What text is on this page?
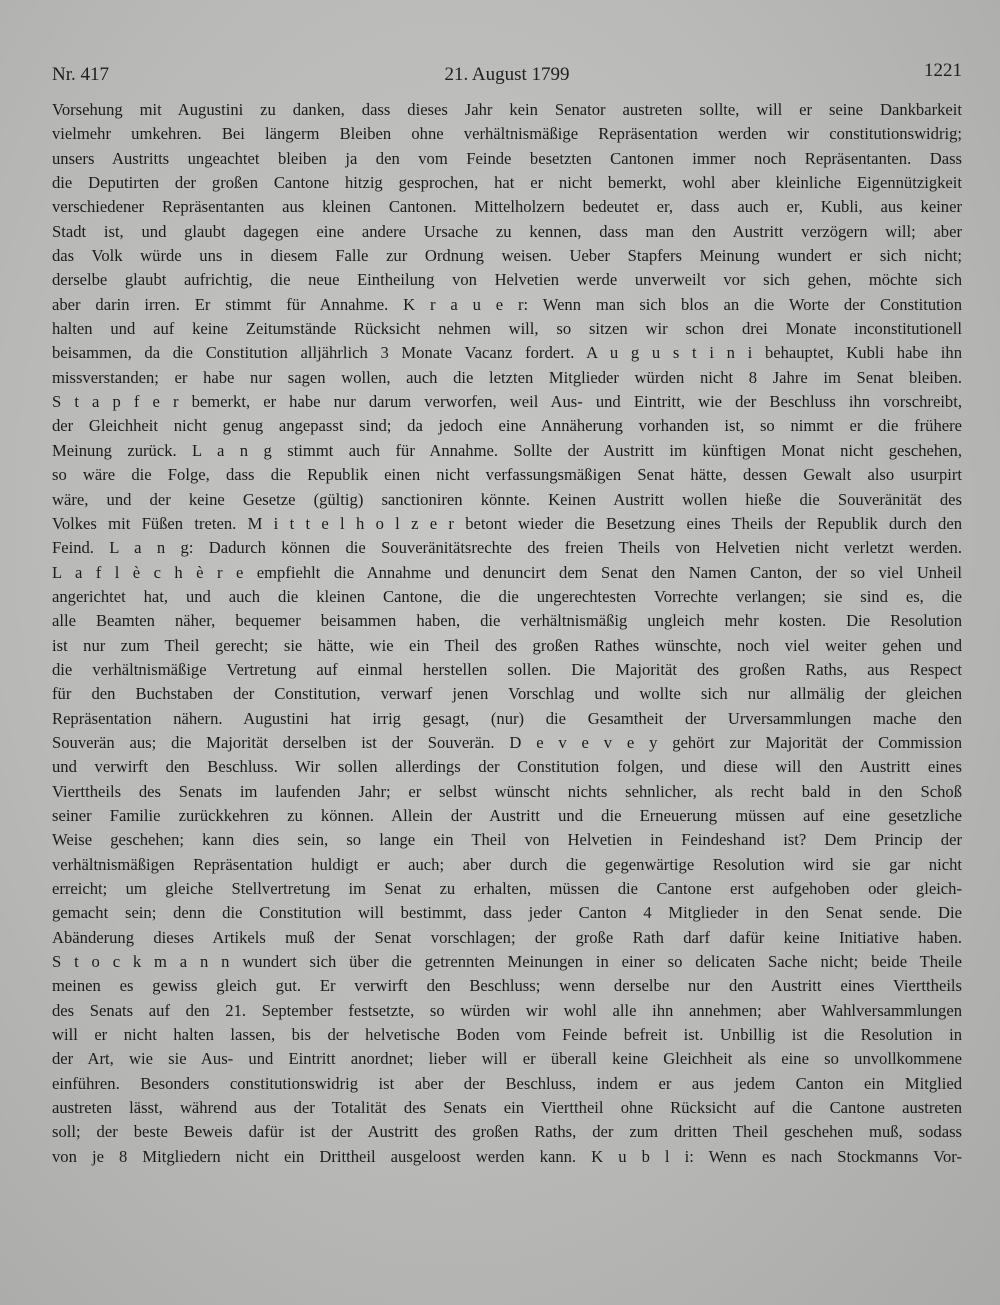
Nr. 417	21. August 1799	1221
Vorsehung mit Augustini zu danken, dass dieses Jahr kein Senator austreten sollte, will er seine Dankbarkeit
vielmehr umkehren. Bei längerm Bleiben ohne verhältnismäßige Repräsentation werden wir constitutionswidrig;
unsers Austritts ungeachtet bleiben ja den vom Feinde besetzten Cantonen immer noch Repräsentanten. Dass
die Deputirten der großen Cantone hitzig gesprochen, hat er nicht bemerkt, wohl aber kleinliche Eigennützigkeit
verschiedener Repräsentanten aus kleinen Cantonen. Mittelholzern bedeutet er, dass auch er, Kubli, aus keiner
Stadt ist, und glaubt dagegen eine andere Ursache zu kennen, dass man den Austritt verzögern will; aber
das Volk würde uns in diesem Falle zur Ordnung weisen. Ueber Stapfers Meinung wundert er sich nicht;
derselbe glaubt aufrichtig, die neue Eintheilung von Helvetien werde unverweilt vor sich gehen, möchte sich
aber darin irren. Er stimmt für Annahme. K r a u e r: Wenn man sich blos an die Worte der Constitution
halten und auf keine Zeitumstände Rücksicht nehmen will, so sitzen wir schon drei Monate inconstitutionell
beisammen, da die Constitution alljährlich 3 Monate Vacanz fordert. A u g u s t i n i behauptet, Kubli habe ihn
missverstanden; er habe nur sagen wollen, auch die letzten Mitglieder würden nicht 8 Jahre im Senat bleiben.
S t a p f e r bemerkt, er habe nur darum verworfen, weil Aus- und Eintritt, wie der Beschluss ihn vorschreibt,
der Gleichheit nicht genug angepasst sind; da jedoch eine Annäherung vorhanden ist, so nimmt er die frühere
Meinung zurück. L a n g stimmt auch für Annahme. Sollte der Austritt im künftigen Monat nicht geschehen,
so wäre die Folge, dass die Republik einen nicht verfassungsmäßigen Senat hätte, dessen Gewalt also usurpirt
wäre, und der keine Gesetze (gültig) sanctioniren könnte. Keinen Austritt wollen hieße die Souveränität des
Volkes mit Füßen treten. M i t t e l h o l z e r betont wieder die Besetzung eines Theils der Republik durch den
Feind. L a n g: Dadurch können die Souveränitätsrechte des freien Theils von Helvetien nicht verletzt werden.
L a f l è c h è r e empfiehlt die Annahme und denuncirt dem Senat den Namen Canton, der so viel Unheil
angerichtet hat, und auch die kleinen Cantone, die die ungerechtesten Vorrechte verlangen; sie sind es, die
alle Beamten näher, bequemer beisammen haben, die verhältnismäßig ungleich mehr kosten. Die Resolution
ist nur zum Theil gerecht; sie hätte, wie ein Theil des großen Rathes wünschte, noch viel weiter gehen und
die verhältnismäßige Vertretung auf einmal herstellen sollen. Die Majorität des großen Raths, aus Respect
für den Buchstaben der Constitution, verwarf jenen Vorschlag und wollte sich nur allmälig der gleichen
Repräsentation nähern. Augustini hat irrig gesagt, (nur) die Gesamtheit der Urversammlungen mache den
Souverän aus; die Majorität derselben ist der Souverän. D e v e v e y gehört zur Majorität der Commission
und verwirft den Beschluss. Wir sollen allerdings der Constitution folgen, und diese will den Austritt eines
Vierttheils des Senats im laufenden Jahr; er selbst wünscht nichts sehnlicher, als recht bald in den Schoß
seiner Familie zurückkehren zu können. Allein der Austritt und die Erneuerung müssen auf eine gesetzliche
Weise geschehen; kann dies sein, so lange ein Theil von Helvetien in Feindeshand ist? Dem Princip der
verhältnismäßigen Repräsentation huldigt er auch; aber durch die gegenwärtige Resolution wird sie gar nicht
erreicht; um gleiche Stellvertretung im Senat zu erhalten, müssen die Cantone erst aufgehoben oder gleich-
gemacht sein; denn die Constitution will bestimmt, dass jeder Canton 4 Mitglieder in den Senat sende. Die
Abänderung dieses Artikels muß der Senat vorschlagen; der große Rath darf dafür keine Initiative haben.
S t o c k m a n n wundert sich über die getrennten Meinungen in einer so delicaten Sache nicht; beide Theile
meinen es gewiss gleich gut. Er verwirft den Beschluss; wenn derselbe nur den Austritt eines Vierttheils
des Senats auf den 21. September festsetzte, so würden wir wohl alle ihn annehmen; aber Wahlversammlungen
will er nicht halten lassen, bis der helvetische Boden vom Feinde befreit ist. Unbillig ist die Resolution in
der Art, wie sie Aus- und Eintritt anordnet; lieber will er überall keine Gleichheit als eine so unvollkommene
einführen. Besonders constitutionswidrig ist aber der Beschluss, indem er aus jedem Canton ein Mitglied
austreten lässt, während aus der Totalität des Senats ein Vierttheil ohne Rücksicht auf die Cantone austreten
soll; der beste Beweis dafür ist der Austritt des großen Raths, der zum dritten Theil geschehen muß, sodass
von je 8 Mitgliedern nicht ein Drittheil ausgeloost werden kann. K u b l i: Wenn es nach Stockmanns Vor-
